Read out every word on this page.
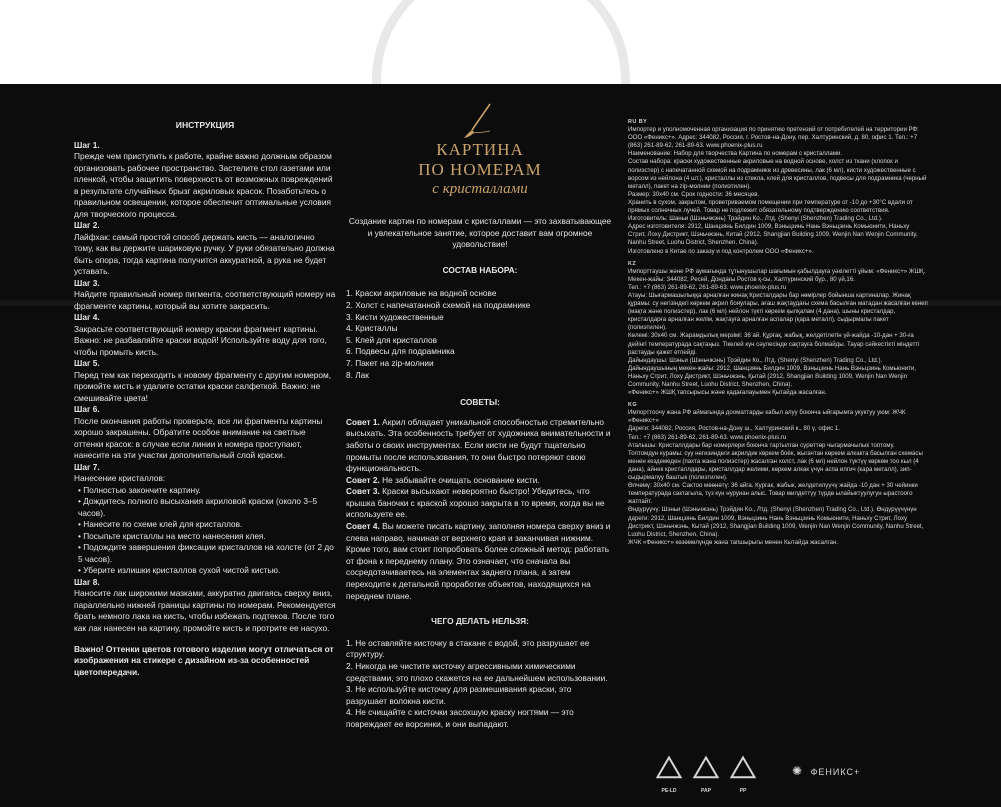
ИНСТРУКЦИЯ
Шаг 1.

Прежде чем приступить к работе, крайне важно должным образом организовать рабочее пространство. Застелите стол газетами или пленкой, чтобы защитить поверхность от возможных повреждений в результате случайных брызг акриловых красок. Позаботьтесь о правильном освещении, которое обеспечит оптимальные условия для творческого процесса.

Шаг 2.

Лайфхак: самый простой способ держать кисть — аналогично тому, как вы держите шариковую ручку. У руки обязательно должна быть опора, тогда картина получится аккуратной, а рука не будет уставать.

Шаг 3.

Найдите правильный номер пигмента, соответствующий номеру на фрагменте картины, который вы хотите закрасить.

Шаг 4.

Закрасьте соответствующий номеру краски фрагмент картины. Важно: не разбавляйте краски водой! Используйте воду для того, чтобы промыть кисть.

Шаг 5.

Перед тем как переходить к новому фрагменту с другим номером, промойте кисть и удалите остатки краски салфеткой. Важно: не смешивайте цвета!

Шаг 6.

После окончания работы проверьте, все ли фрагменты картины хорошо закрашены. Обратите особое внимание на светлые оттенки красок: в случае если линии и номера проступают, нанесите на эти участки дополнительный слой краски.

Шаг 7.

Нанесение кристаллов:

• Полностью закончите картину.
• Дождитесь полного высыхания акриловой краски (около 3–5 часов).
• Нанесите по схеме клей для кристаллов.
• Посыпьте кристаллы на место нанесения клея.
• Подождите завершения фиксации кристаллов на холсте (от 2 до 5 часов).
• Уберите излишки кристаллов сухой чистой кистью.
Шаг 8.

Наносите лак широкими мазками, аккуратно двигаясь сверху вниз, параллельно нижней границы картины по номерам. Рекомендуется брать немного лака на кисть, чтобы избежать подтеков. После того как лак нанесен на картину, промойте кисть и протрите ее насухо.

Важно! Оттенки цветов готового изделия могут отличаться от изображения на стикере с дизайном из-за особенностей цветопередачи.

КАРТИНА
ПО НОМЕРАМ
с кристаллами

Создание картин по номерам с кристаллами — это захватывающее и увлекательное занятие, которое доставит вам огромное удовольствие!

СОСТАВ НАБОРА:
1. Краски акриловые на водной основе
2. Холст с напечатанной схемой на подрамнике
3. Кисти художественные
4. Кристаллы
5. Клей для кристаллов
6. Подвесы для подрамника
7. Пакет на zip-молнии
8. Лак
СОВЕТЫ:

Совет 1. Акрил обладает уникальной способностью стремительно высыхать. Эта особенность требует от художника внимательности и заботы о своих инструментах. Если кисти не будут тщательно промыты после использования, то они быстро потеряют свою функциональность.

Совет 2. Не забывайте очищать основание кисти.

Совет 3. Краски высыхают невероятно быстро! Убедитесь, что крышка баночки с краской хорошо закрыта в то время, когда вы не используете ее.

Совет 4. Вы можете писать картину, заполняя номера сверху вниз и слева направо, начиная от верхнего края и заканчивая нижним. Кроме того, вам стоит попробовать более сложный метод: работать от фона к переднему плану. Это означает, что сначала вы сосредотачиваетесь на элементах заднего плана, а затем переходите к детальной проработке объектов, находящихся на переднем плане.

ЧЕГО ДЕЛАТЬ НЕЛЬЗЯ:
1. Не оставляйте кисточку в стакане с водой, это разрушает ее структуру.
2. Никогда не чистите кисточку агрессивными химическими средствами, это плохо скажется на ее дальнейшем использовании.
3. Не используйте кисточку для размешивания краски, это разрушает волокна кисти.
4. Не счищайте с кисточки засохшую краску ногтями — это повреждает ее ворсинки, и они выпадают.
RU BY

Импортер и уполномоченная организация по принятию претензий от потребителей на территории РФ: ООО «Феникс+». Адрес: 344082, Россия, г. Ростов-на-Дону, пер. Халтуринский, д. 80, офис 1. Тел.: +7 (863) 261-89-62, 261-89-63. www.phoenix-plus.ru
Наименование: Набор для творчества Картина по номерам с кристаллами.
Состав набора: краски художественные акриловые на водной основе, холст из ткани (хлопок и полиэстер) с напечатанной схемой на подрамнике из древесины, лак (6 мл), кисти художественные с ворсом из нейлона (4 шт.), кристаллы из стекла, клей для кристаллов, подвесы для подрамника (черный металл), пакет на zip-молнии (полиэтилен).
Размер: 30x40 см. Срок годности: 36 месяцев.
Хранить в сухом, закрытом, проветриваемом помещении при температуре от -10 до +30°С вдали от прямых солнечных лучей. Товар не подлежит обязательному подтверждению соответствия.
Изготовитель: Шаньи (Шэньчжэнь) Трэйдин Ко., Лтд. (Shenyi (Shenzhen) Trading Co., Ltd.).
Адрес изготовителя: 2912, Шанцзянь Билдин 1009, Вэньцзинь Нань Вэньцзинь Комьюнити, Наньху Стрит, Лоху Дистрикт, Шэньчжэнь, Китай (2912, Shangjian Building 1009, Wenjin Nan Wenjin Community, Nanhu Street, Luohu District, Shenzhen, China).
Изготовлено в Китае по заказу и под контролем ООО «Феникс+».

KZ

Импорттаушы жəне РФ аумағында тұтынушылар шағымын қабылдауға уəкілетті ұйым: «Феникс+» ЖШҚ.
Мекен-жайы: 344082, Ресей, Дондағы Ростов қ-сы, Халтуринский бур., 80 үй,16.
Тел.: +7 (863) 261-89-62, 261-89-63. www.phoenix-plus.ru
Атауы: Шығармашылыққа арналған жинақ Кристалдары бар нөмірлер бойынша картиналар. Жинақ құрамы: су негізіндегі көркем акрил бояулары, ағаш жақтаудағы схема басылған матадан жасалған кенеп (мақта және полиэстер), лак (6 мл) нейлон түкті көркем қылқалам (4 дана), шыны кристалдар, кристалдарға арналған желім, жақтауға арналған аспалар (қара металл), сыдырмалы пакет (полиэтилен).
Көлемі: 30x40 см. Жарамдылық мерзімі: 36 ай. Құрғақ, жабық, желдетілетін үй-жайда -10-дан + 30-ға дейінгі температурада сақтаңыз. Тікелей күн сəулесінде сақтауға болмайды. Тауар сəйкестікті міндетті растауды қажет етпейді.
Дайындаушы: Шэньи (Шэньчжэнь) Трэйдин Ко., Лтд. (Shenyi (Shenzhen) Trading Co., Ltd.). Дайындаушының мекен-жайы: 2912, Шанцзянь Билдин 1009, Вэньцзинь Нань Вэньцзинь Комьюнити, Наньху Стрит, Лоху Дистрикт, Шэньчжэнь, Қытай (2912, Shangjian Building 1009, Wenjin Nan Wenjin Community, Nanhu Street, Luohu District, Shenzhen, China).
«Феникс+» ЖШҚ тапсырысы жəне қадағалауымен Қытайда жасалған.

KG

Импорттоочу жана РФ аймагында дооматтарды кабыл алуу боюнча ыйгарымга укуктуу уюм: ЖЧК «Феникс+»
Дареги: 344082, Россия, Ростов-на-Дону ш., Халтуринский к., 80 ү, офис 1.
Тел.: +7 (863) 261-89-62, 261-89-63. www.phoenix-plus.ru
Аталышы: Кристаллдары бар номерлери боюнча тартылган сүрөттөр чыгармачылык топтому.
Топтомдун курамы: суу негизиндеги акрилдик көркем боёк, жыгачтан көркем алкакта басылган схемасы менен кездемеден (пахта жана полиэстер) жасалган холст, лак (6 мл) нейлон түктүү көркөм тоо кыл (4 дана), айнек кристаллдары, кристаллдар желими, көркем алкак үчүн аспа илгич (кара металл), зип-сыдырмалуу баштык (полиэтилен).
Өлчөмү: 30x40 см. Сактоо мөөнөтү: 36 айга. Кургак, жабык, желдетилүүчү жайда -10 дан + 30 чейинки температурада сактагыла, түз күн нурунан алыс. Товар милдеттүү түрдө ылайыктуулугун ырастоого жатпайт.
Өндүрүүчү: Шэньи (Шэньчжэнь) Трэйдин Ко., Лтд. (Shenyi (Shenzhen) Trading Co., Ltd.). Өндүрүүчүнүн дареги: 2912, Шанцзянь Билдин 1009, Вэньцзинь Нань Вэньцзинь Комьюнити, Наньху Стрит, Лоху Дистрикт, Шэньчжэнь, Кытай (2912, Shangjian Building 1009, Wenjin Nan Wenjin Community, Nanhu Street, Luohu District, Shenzhen, China).
ЖЧК «Феникс+» көзөмөлүндө жана тапшырыгы менен Кытайда жасалган.

PE-LD	PAP	PP
✺ ФЕНИКС+
